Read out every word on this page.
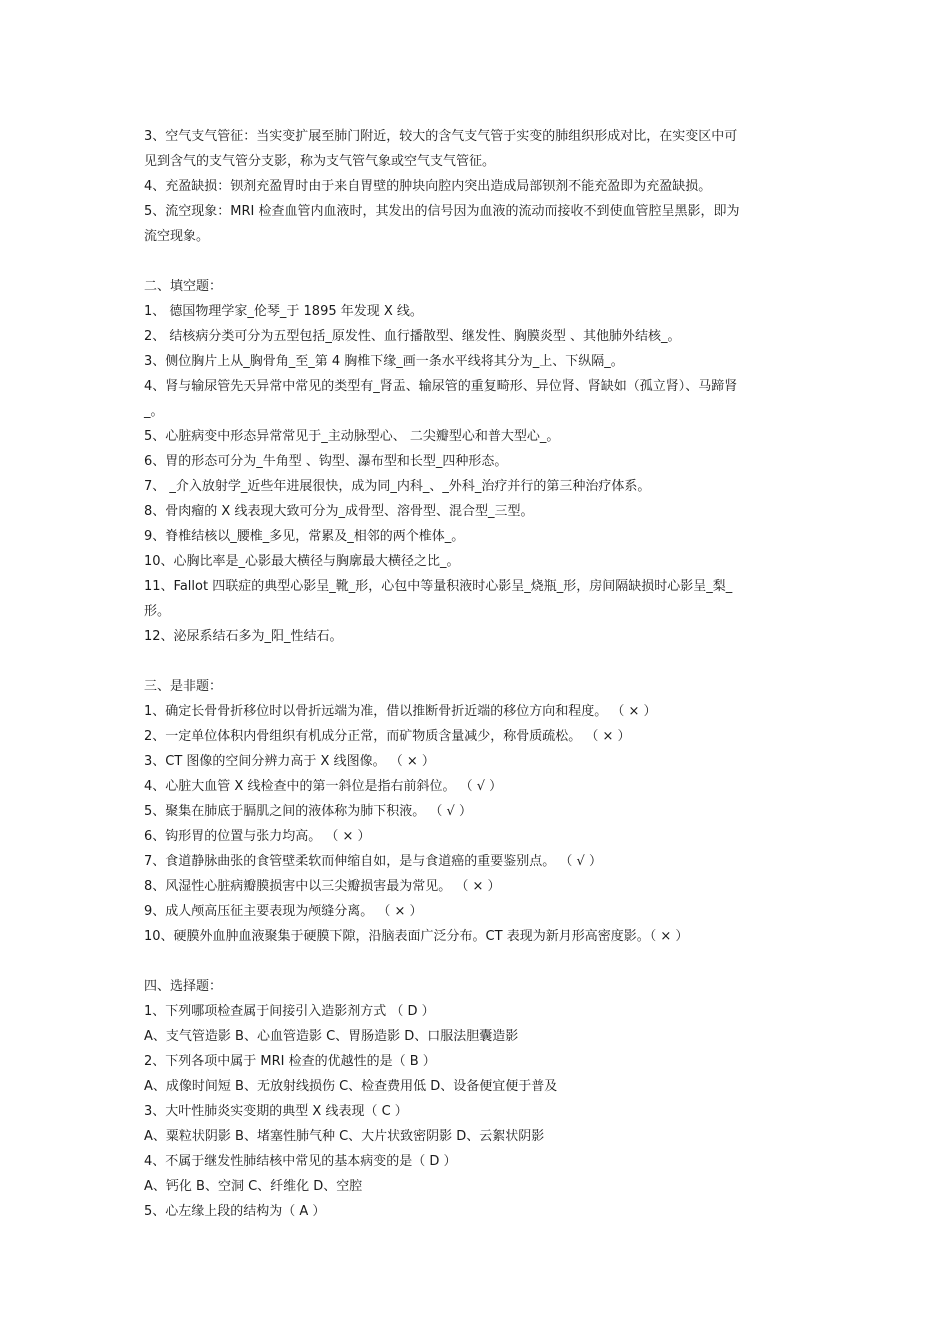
3、空气支气管征：当实变扩展至肺门附近，较大的含气支气管于实变的肺组织形成对比，在实变区中可
见到含气的支气管分支影，称为支气管气象或空气支气管征。
4、充盈缺损：钡剂充盈胃时由于来自胃壁的肿块向腔内突出造成局部钡剂不能充盈即为充盈缺损。
5、流空现象：MRI 检查血管内血液时，其发出的信号因为血液的流动而接收不到使血管腔呈黑影，即为
流空现象。
二、填空题：
1、 德国物理学家_伦琴_于 1895 年发现 X 线。
2、 结核病分类可分为五型包括_原发性、血行播散型、继发性、胸膜炎型 、其他肺外结核_。
3、侧位胸片上从_胸骨角_至_第 4 胸椎下缘_画一条水平线将其分为_上、下纵隔_。
4、肾与输尿管先天异常中常见的类型有_肾盂、输尿管的重复畸形、异位肾、肾缺如（孤立肾）、马蹄肾
_。
5、心脏病变中形态异常常见于_主动脉型心、 二尖瓣型心和普大型心_。
6、胃的形态可分为_牛角型 、钩型、瀑布型和长型_四种形态。
7、 _介入放射学_近些年进展很快，成为同_内科_、_外科_治疗并行的第三种治疗体系。
8、骨肉瘤的 X 线表现大致可分为_成骨型、溶骨型、混合型_三型。
9、脊椎结核以_腰椎_多见，常累及_相邻的两个椎体_。
10、心胸比率是_心影最大横径与胸廓最大横径之比_。
11、Fallot 四联症的典型心影呈_靴_形，心包中等量积液时心影呈_烧瓶_形，房间隔缺损时心影呈_梨_
形。
12、泌尿系结石多为_阳_性结石。
三、是非题：
1、确定长骨骨折移位时以骨折远端为准，借以推断骨折近端的移位方向和程度。 （ × ）
2、一定单位体积内骨组织有机成分正常，而矿物质含量减少，称骨质疏松。 （ × ）
3、CT 图像的空间分辨力高于 X 线图像。 （ × ）
4、心脏大血管 X 线检查中的第一斜位是指右前斜位。 （ √ ）
5、聚集在肺底于膈肌之间的液体称为肺下积液。 （ √ ）
6、钩形胃的位置与张力均高。 （ × ）
7、食道静脉曲张的食管壁柔软而伸缩自如，是与食道癌的重要鉴别点。 （ √ ）
8、风湿性心脏病瓣膜损害中以三尖瓣损害最为常见。 （ × ）
9、成人颅高压征主要表现为颅缝分离。 （ × ）
10、硬膜外血肿血液聚集于硬膜下隙，沿脑表面广泛分布。CT 表现为新月形高密度影。（ × ）
四、选择题：
1、下列哪项检查属于间接引入造影剂方式 （ D ）
A、支气管造影 B、心血管造影 C、胃肠造影 D、口服法胆囊造影
2、下列各项中属于 MRI 检查的优越性的是（ B ）
A、成像时间短 B、无放射线损伤 C、检查费用低 D、设备便宜便于普及
3、大叶性肺炎实变期的典型 X 线表现（ C ）
A、粟粒状阴影 B、堵塞性肺气种 C、大片状致密阴影 D、云絮状阴影
4、不属于继发性肺结核中常见的基本病变的是（ D ）
A、钙化 B、空洞 C、纤维化 D、空腔
5、心左缘上段的结构为（ A ）
